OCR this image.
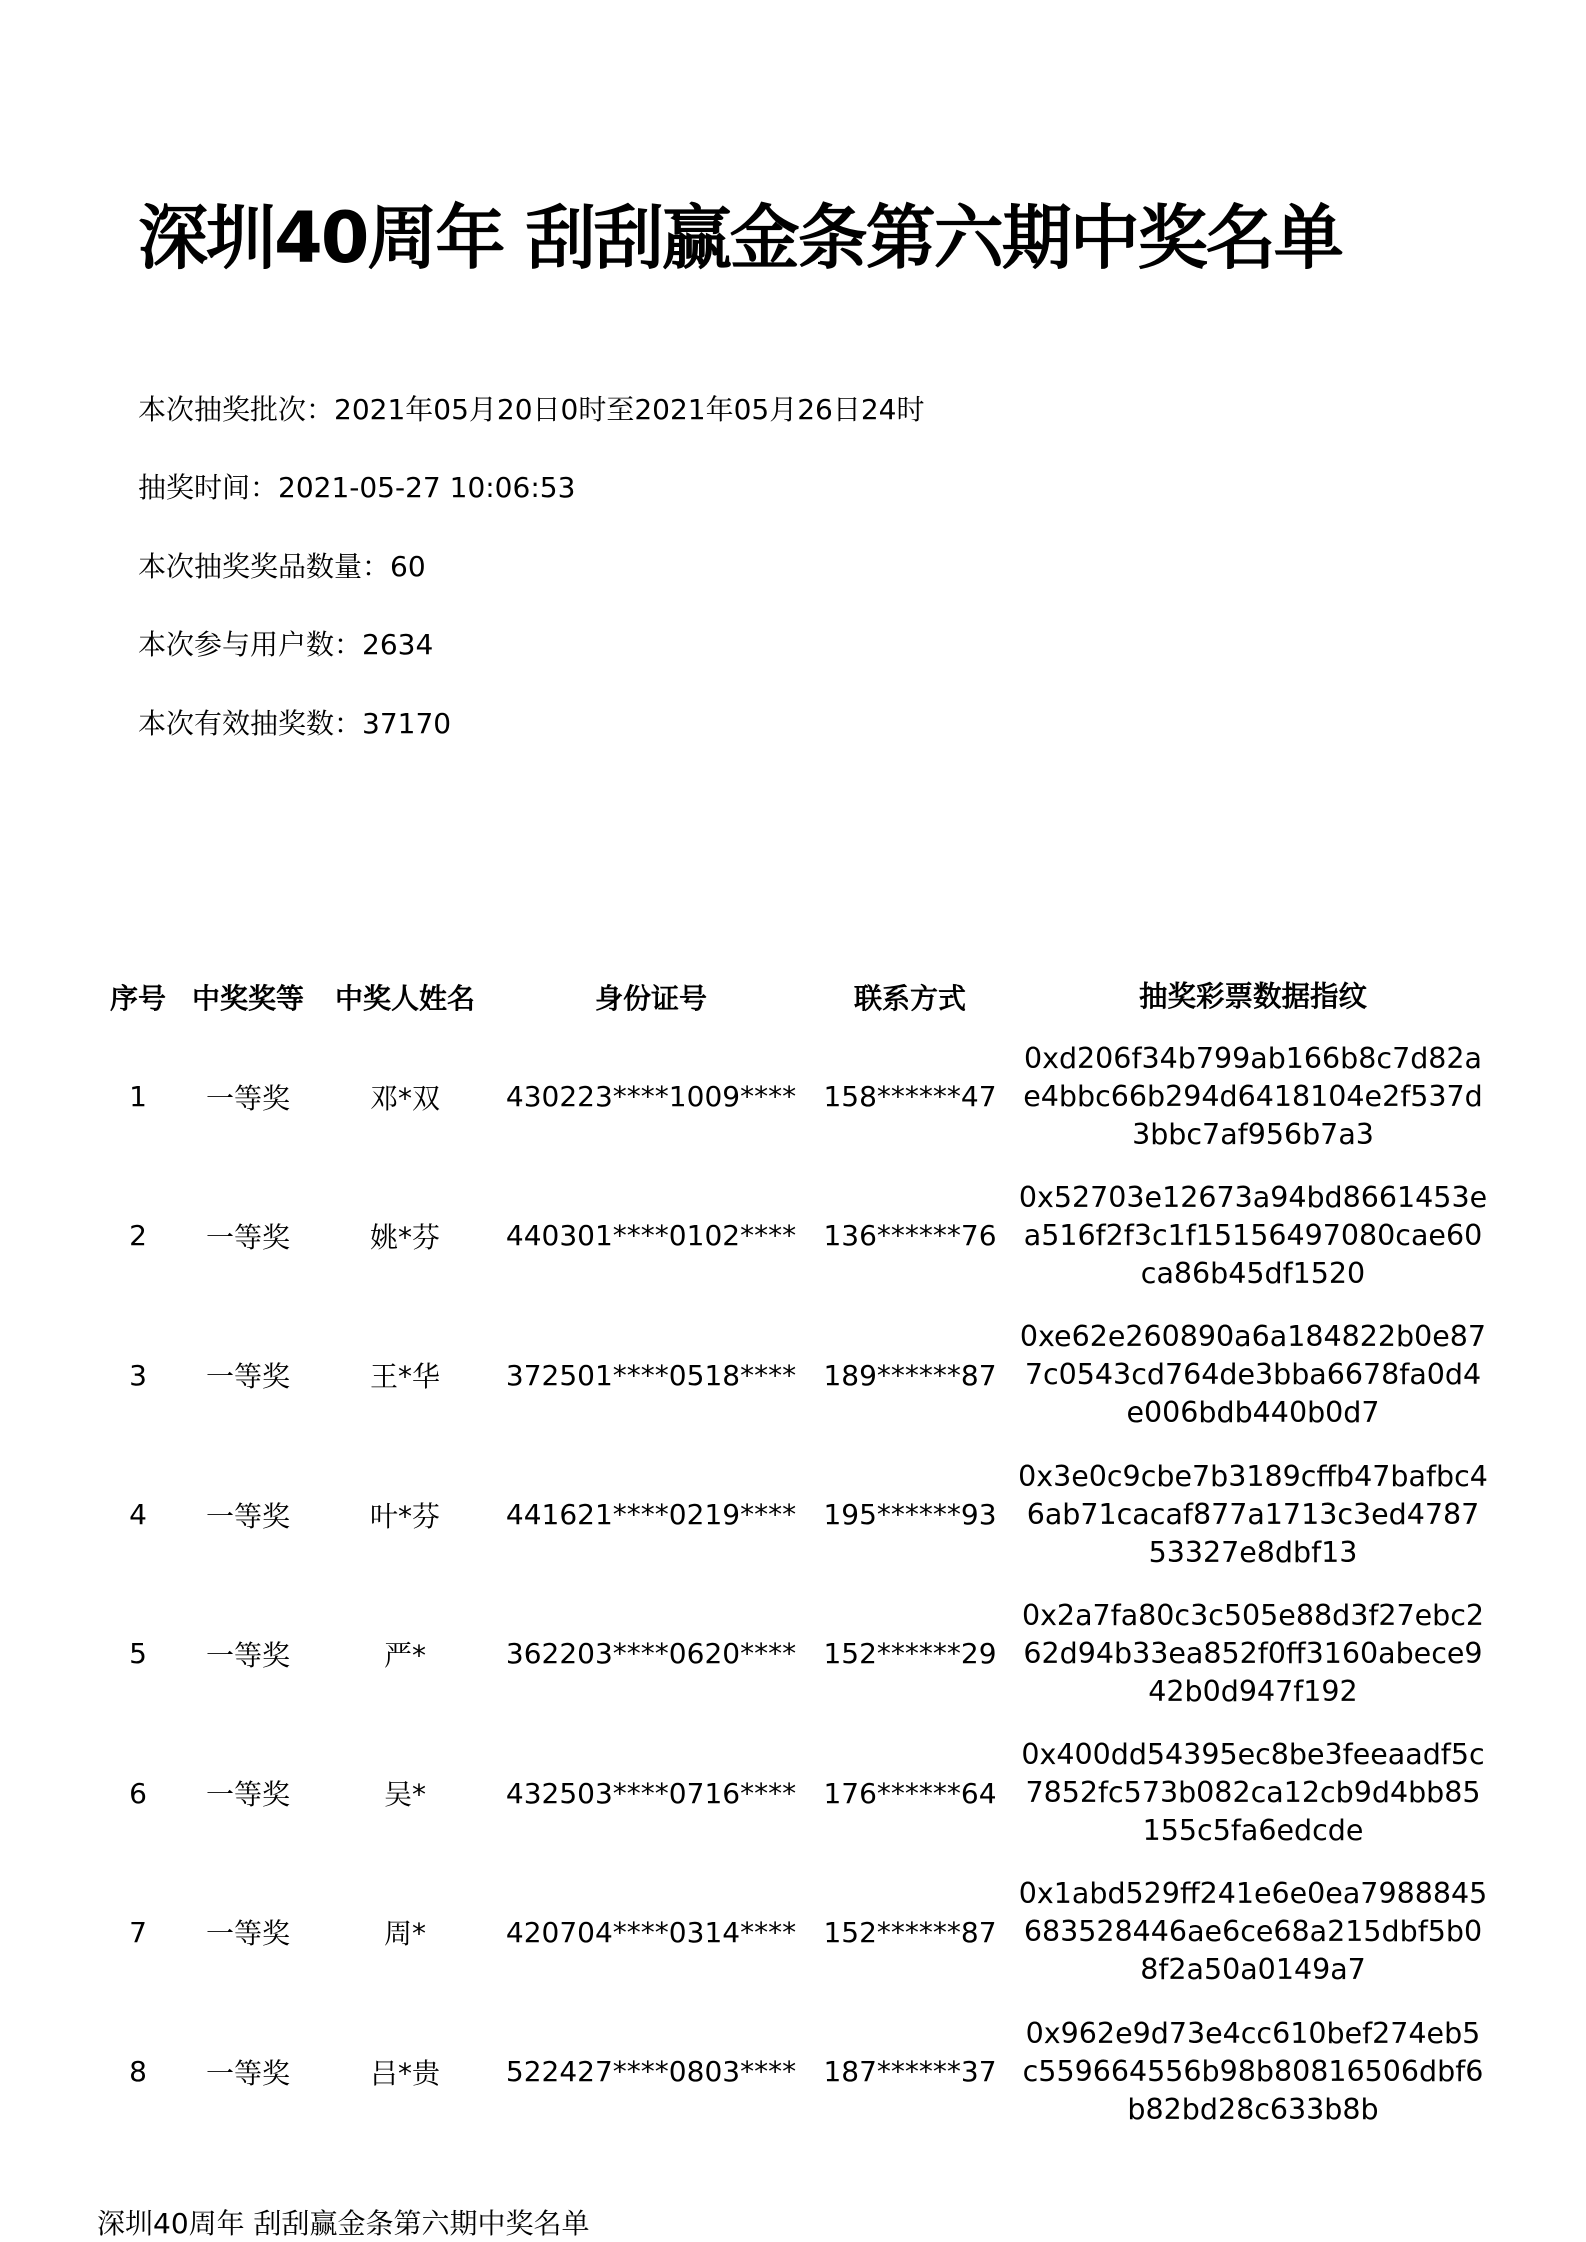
深圳40周年 刮刮赢金条第六期中奖名单
本次抽奖批次：2021年05月20日0时至2021年05月26日24时
抽奖时间：2021-05-27 10:06:53
本次抽奖奖品数量：60
本次参与用户数：2634
本次有效抽奖数：37170
序号 中奖奖等 中奖人姓名	身份证号	联系方式	抽奖彩票数据指纹
1	一等奖	邓*双	430223****1009**** 158******47
0xd206f34b799ab166b8c7d82ae4bbc66b294d6418104e2f537d3bbc7af956b7a3
2	一等奖	姚*芬	440301****0102**** 136******76
0x52703e12673a94bd8661453ea516f2f3c1f15156497080cae60ca86b45df1520
3	一等奖	王*华	372501****0518**** 189******87
0xe62e260890a6a184822b0e877c0543cd764de3bba6678fa0d4e006bdb440b0d7
4	一等奖	叶*芬	441621****0219**** 195******93
0x3e0c9cbe7b3189cffb47bafbc46ab71cacaf877a1713c3ed478753327e8dbf13
5	一等奖	严*	362203****0620**** 152******29
0x2a7fa80c3c505e88d3f27ebc262d94b33ea852f0ff3160abece942b0d947f192
6	一等奖	吴*	432503****0716**** 176******64
0x400dd54395ec8be3feeaadf5c7852fc573b082ca12cb9d4bb85155c5fa6edcde
7	一等奖	周*	420704****0314**** 152******87
0x1abd529ff241e6e0ea7988845683528446ae6ce68a215dbf5b08f2a50a0149a7
8	一等奖	吕*贵	522427****0803**** 187******37
0x962e9d73e4cc610bef274eb5c559664556b98b80816506dbf6b82bd28c633b8b
深圳40周年 刮刮赢金条第六期中奖名单
